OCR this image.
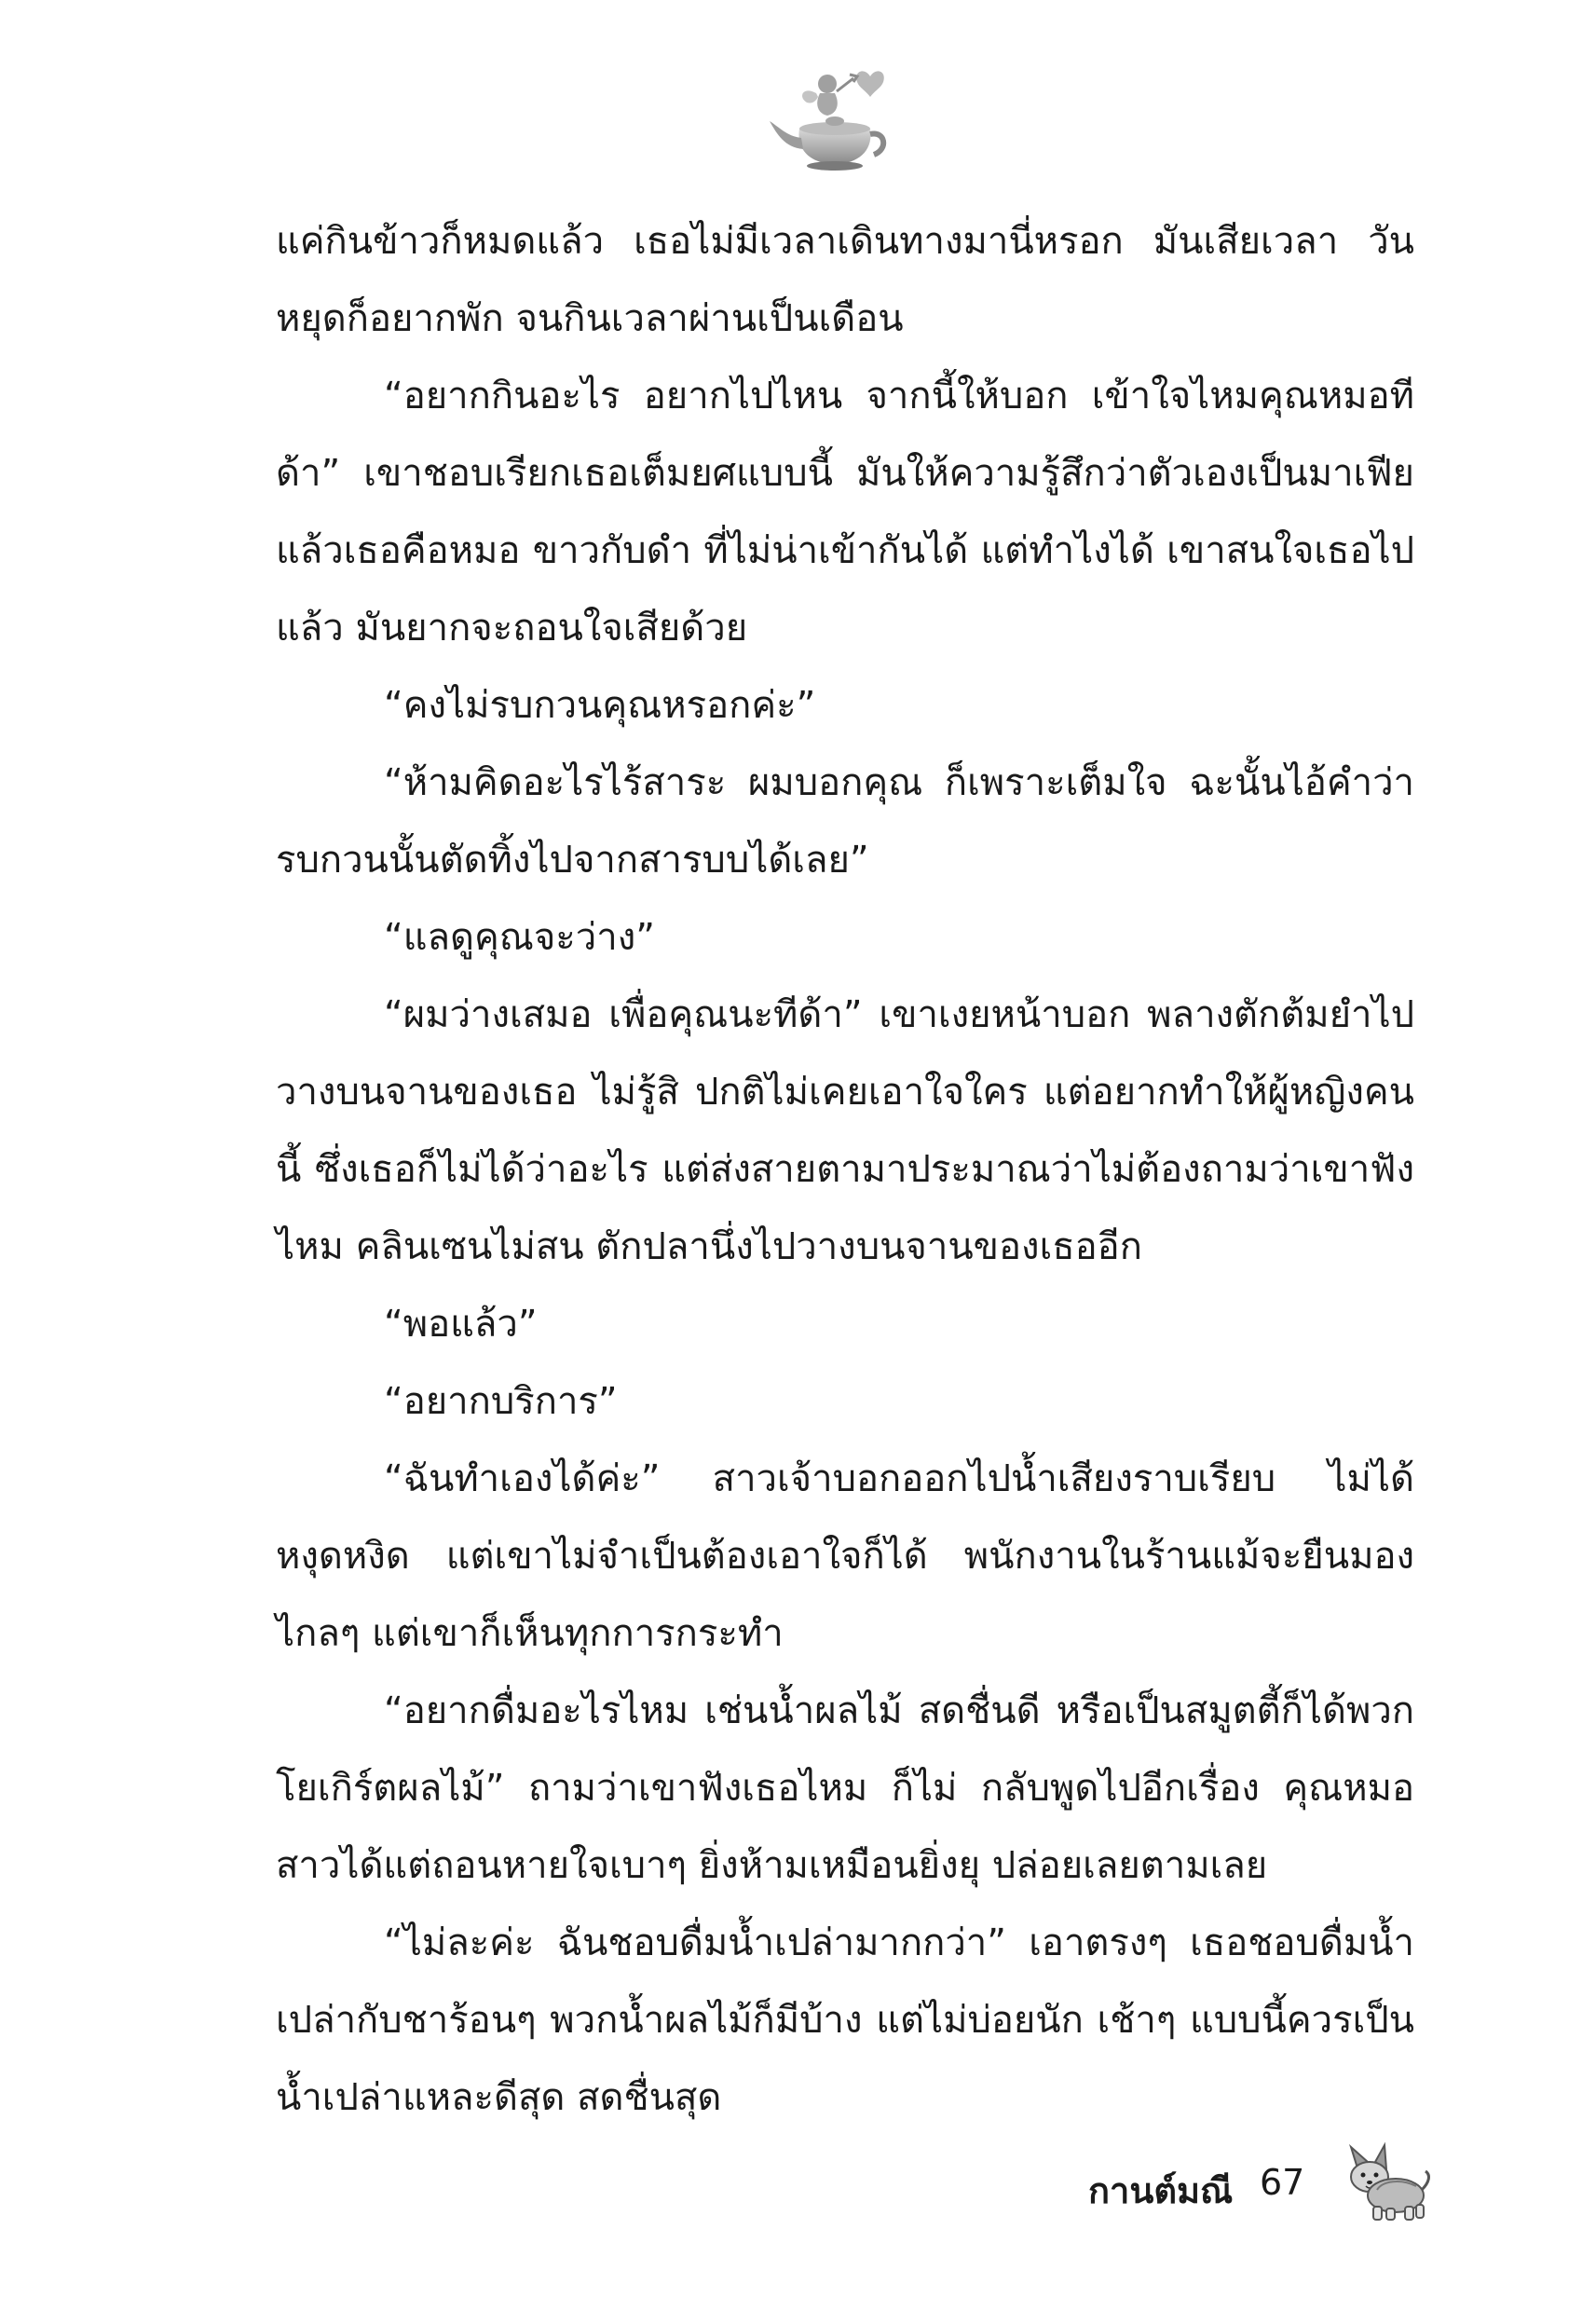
แค่กินข้าวก็หมดแล้ว เธอไม่มีเวลาเดินทางมานี่หรอก มันเสียเวลา วันหยุดก็อยากพัก จนกินเวลาผ่านเป็นเดือน

“อยากกินอะไร อยากไปไหน จากนี้ให้บอก เข้าใจไหมคุณหมอทีด้า” เขาชอบเรียกเธอเต็มยศแบบนี้ มันให้ความรู้สึกว่าตัวเองเป็นมาเฟีย แล้วเธอคือหมอ ขาวกับดำ ที่ไม่น่าเข้ากันได้ แต่ทำไงได้ เขาสนใจเธอไปแล้ว มันยากจะถอนใจเสียด้วย

“คงไม่รบกวนคุณหรอกค่ะ”

“ห้ามคิดอะไรไร้สาระ ผมบอกคุณ ก็เพราะเต็มใจ ฉะนั้นไอ้คำว่ารบกวนนั้นตัดทิ้งไปจากสารบบได้เลย”

“แลดูคุณจะว่าง”

“ผมว่างเสมอ เพื่อคุณนะทีด้า” เขาเงยหน้าบอก พลางตักต้มยำไปวางบนจานของเธอ ไม่รู้สิ ปกติไม่เคยเอาใจใคร แต่อยากทำให้ผู้หญิงคนนี้ ซึ่งเธอก็ไม่ได้ว่าอะไร แต่ส่งสายตามาประมาณว่าไม่ต้องถามว่าเขาฟังไหม คลินเซนไม่สน ตักปลานึ่งไปวางบนจานของเธออีก

“พอแล้ว”

“อยากบริการ”

“ฉันทำเองได้ค่ะ” สาวเจ้าบอกออกไปน้ำเสียงราบเรียบ ไม่ได้หงุดหงิด แต่เขาไม่จำเป็นต้องเอาใจก็ได้ พนักงานในร้านแม้จะยืนมองไกลๆ แต่เขาก็เห็นทุกการกระทำ

“อยากดื่มอะไรไหม เช่นน้ำผลไม้ สดชื่นดี หรือเป็นสมูตตี้ก็ได้พวกโยเกิร์ตผลไม้” ถามว่าเขาฟังเธอไหม ก็ไม่ กลับพูดไปอีกเรื่อง คุณหมอสาวได้แต่ถอนหายใจเบาๆ ยิ่งห้ามเหมือนยิ่งยุ ปล่อยเลยตามเลย

“ไม่ละค่ะ ฉันชอบดื่มน้ำเปล่ามากกว่า” เอาตรงๆ เธอชอบดื่มน้ำเปล่ากับชาร้อนๆ พวกน้ำผลไม้ก็มีบ้าง แต่ไม่บ่อยนัก เช้าๆ แบบนี้ควรเป็นน้ำเปล่าแหละดีสุด สดชื่นสุด

กานต์มณี 67
